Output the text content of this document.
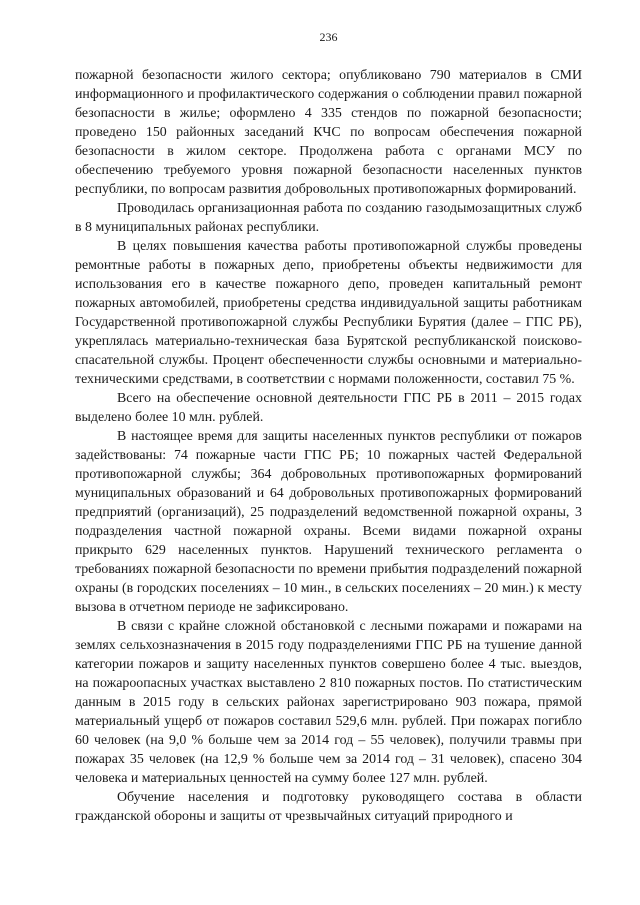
236

пожарной безопасности жилого сектора; опубликовано 790 материалов в СМИ информационного и профилактического содержания о соблюдении правил пожарной безопасности в жилье; оформлено 4 335 стендов по пожарной безопасности; проведено 150 районных заседаний КЧС по вопросам обеспечения пожарной безопасности в жилом секторе. Продолжена работа с органами МСУ по обеспечению требуемого уровня пожарной безопасности населенных пунктов республики, по вопросам развития добровольных противопожарных формирований.

Проводилась организационная работа по созданию газодымозащитных служб в 8 муниципальных районах республики.

В целях повышения качества работы противопожарной службы проведены ремонтные работы в пожарных депо, приобретены объекты недвижимости для использования его в качестве пожарного депо, проведен капитальный ремонт пожарных автомобилей, приобретены средства индивидуальной защиты работникам Государственной противопожарной службы Республики Бурятия (далее – ГПС РБ), укреплялась материально-техническая база Бурятской республиканской поисково-спасательной службы. Процент обеспеченности службы основными и материально-техническими средствами, в соответствии с нормами положенности, составил 75 %.

Всего на обеспечение основной деятельности ГПС РБ в 2011 – 2015 годах выделено более 10 млн. рублей.

В настоящее время для защиты населенных пунктов республики от пожаров задействованы: 74 пожарные части ГПС РБ; 10 пожарных частей Федеральной противопожарной службы; 364 добровольных противопожарных формирований муниципальных образований и 64 добровольных противопожарных формирований предприятий (организаций), 25 подразделений ведомственной пожарной охраны, 3 подразделения частной пожарной охраны. Всеми видами пожарной охраны прикрыто 629 населенных пунктов. Нарушений технического регламента о требованиях пожарной безопасности по времени прибытия подразделений пожарной охраны (в городских поселениях – 10 мин., в сельских поселениях – 20 мин.) к месту вызова в отчетном периоде не зафиксировано.

В связи с крайне сложной обстановкой с лесными пожарами и пожарами на землях сельхозназначения в 2015 году подразделениями ГПС РБ на тушение данной категории пожаров и защиту населенных пунктов совершено более 4 тыс. выездов, на пожароопасных участках выставлено 2 810 пожарных постов. По статистическим данным в 2015 году в сельских районах зарегистрировано 903 пожара, прямой материальный ущерб от пожаров составил 529,6 млн. рублей. При пожарах погибло 60 человек (на 9,0 % больше чем за 2014 год – 55 человек), получили травмы при пожарах 35 человек (на 12,9 % больше чем за 2014 год – 31 человек), спасено 304 человека и материальных ценностей на сумму более 127 млн. рублей.

Обучение населения и подготовку руководящего состава в области гражданской обороны и защиты от чрезвычайных ситуаций природного и
